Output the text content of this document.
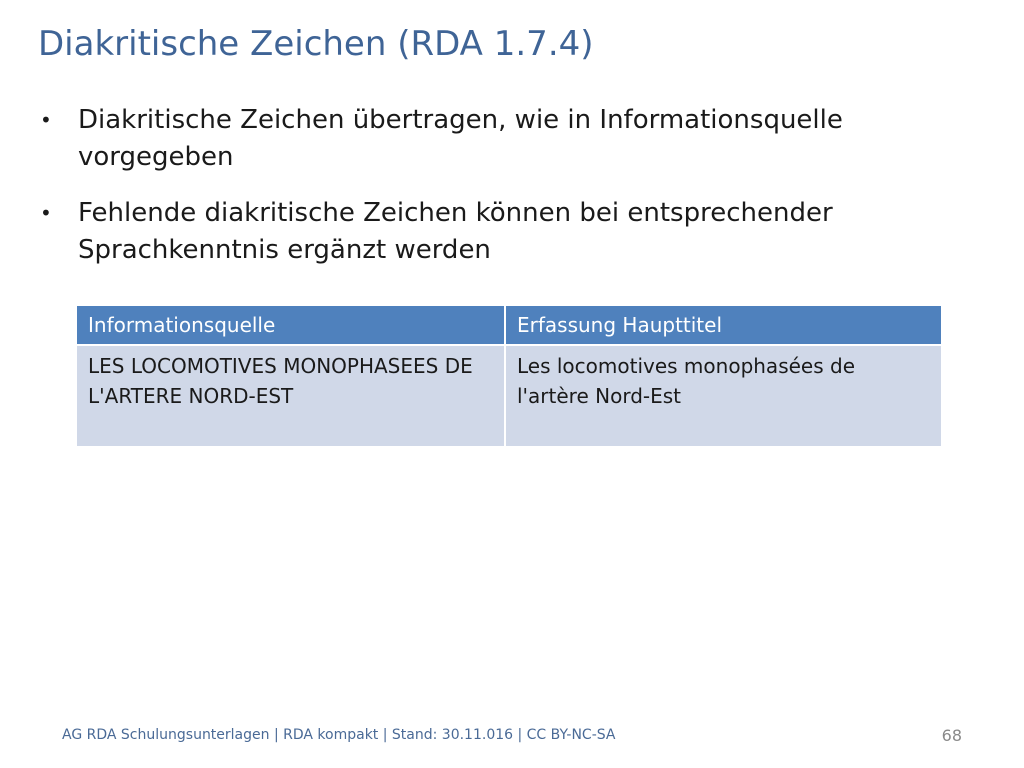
Diakritische Zeichen (RDA 1.7.4)
• Diakritische Zeichen übertragen, wie in Informationsquelle vorgegeben
• Fehlende diakritische Zeichen können bei entsprechender Sprachkenntnis ergänzt werden
Informationsquelle	Erfassung Haupttitel
LES LOCOMOTIVES MONOPHASEES DE L'ARTERE NORD-EST	Les locomotives monophasées de l'artère Nord-Est
AG RDA Schulungsunterlagen | RDA kompakt | Stand: 30.11.016 | CC BY-NC-SA	68
